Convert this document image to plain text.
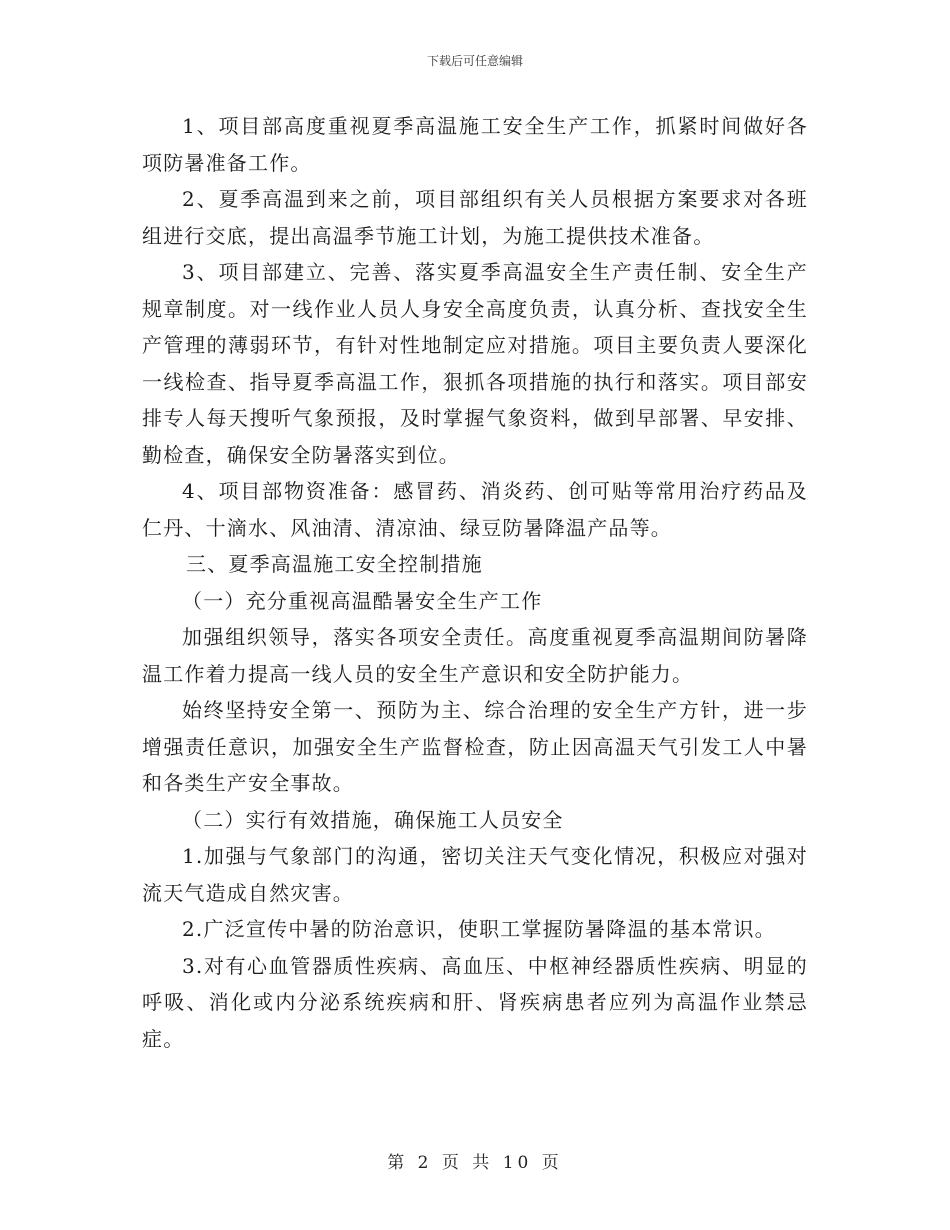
下载后可任意编辑

1、项目部高度重视夏季高温施工安全生产工作，抓紧时间做好各项防暑准备工作。

2、夏季高温到来之前，项目部组织有关人员根据方案要求对各班组进行交底，提出高温季节施工计划，为施工提供技术准备。

3、项目部建立、完善、落实夏季高温安全生产责任制、安全生产规章制度。对一线作业人员人身安全高度负责，认真分析、查找安全生产管理的薄弱环节，有针对性地制定应对措施。项目主要负责人要深化一线检查、指导夏季高温工作，狠抓各项措施的执行和落实。项目部安排专人每天搜听气象预报，及时掌握气象资料，做到早部署、早安排、勤检查，确保安全防暑落实到位。

4、项目部物资准备：感冒药、消炎药、创可贴等常用治疗药品及仁丹、十滴水、风油清、清凉油、绿豆防暑降温产品等。

三、夏季高温施工安全控制措施

（一）充分重视高温酷暑安全生产工作

加强组织领导，落实各项安全责任。高度重视夏季高温期间防暑降温工作着力提高一线人员的安全生产意识和安全防护能力。

始终坚持安全第一、预防为主、综合治理的安全生产方针，进一步增强责任意识，加强安全生产监督检查，防止因高温天气引发工人中暑和各类生产安全事故。

（二）实行有效措施，确保施工人员安全

1.加强与气象部门的沟通，密切关注天气变化情况，积极应对强对流天气造成自然灾害。

2.广泛宣传中暑的防治意识，使职工掌握防暑降温的基本常识。

3.对有心血管器质性疾病、高血压、中枢神经器质性疾病、明显的呼吸、消化或内分泌系统疾病和肝、肾疾病患者应列为高温作业禁忌症。

第 2 页 共 10 页
